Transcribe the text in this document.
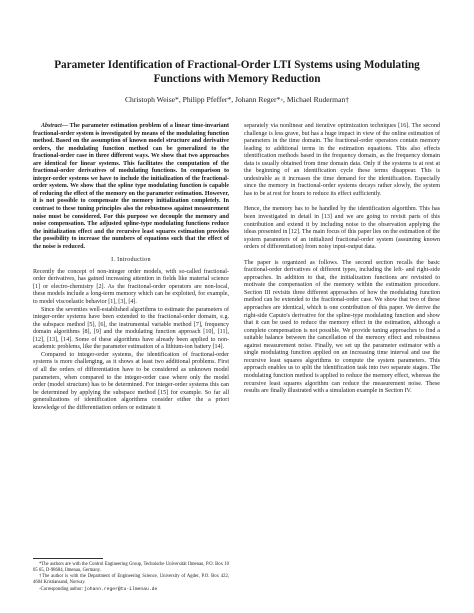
Parameter Identification of Fractional-Order LTI Systems using Modulating Functions with Memory Reduction
Christoph Weise*, Philipp Pfeffer*, Johann Reger*◦, Michael Ruderman†

Abstract— The parameter estimation problem of a linear time-invariant fractional-order system is investigated by means of the modulating function method. Based on the assumption of known model structure and derivative orders, the modulating function method can be generalized to the fractional-order case in three different ways. We show that two approaches are identical for linear systems. This facilitates the computation of the fractional-order derivatives of modulating functions. In comparison to integer-order systems we have to include the initialization of the fractional-order system. We show that the spline type modulating function is capable of reducing the effect of the memory on the parameter estimation. However, it is not possible to compensate the memory initialization completely. In contrast to these tuning principles also the robustness against measurement noise must be considered. For this purpose we decouple the memory and noise compensation. The adjusted spline-type modulating functions reduce the initialization effect and the recursive least squares estimation provides the possibility to increase the numbers of equations such that the effect of the noise is reduced.

I. Introduction

Recently the concept of non-integer order models, with so-called fractional-order derivatives, has gained increasing attention in fields like material science [1] or electro-chemistry [2]. As the fractional-order operators are non-local, these models include a long-term memory which can be exploited, for example, to model viscoelastic behavior [1], [3], [4].

Since the seventies well-established algorithms to estimate the parameters of integer-order systems have been extended to the fractional-order domain, e.g. the subspace method [5], [6], the instrumental variable method [7], frequency domain algorithms [8], [9] and the modulating function approach [10], [11], [12], [13], [14]. Some of these algorithms have already been applied to non-academic problems, like the parameter estimation of a lithium-ion battery [14].

Compared to integer-order systems, the identification of fractional-order systems is more challenging, as it shows at least two additional problems. First of all the orders of differentiation have to be considered as unknown model parameters, when compared to the integer-order case where only the model order (model structure) has to be determined. For integer-order systems this can be determined by applying the subspace method [15] for example. So far all generalizations of identification algorithms consider either the a priori knowledge of the differentiation orders or estimate it

*The authors are with the Control Engineering Group, Technische Universität Ilmenau, P.O. Box 10 05 65, D-98684, Ilmenau, Germany.

†The author is with the Department of Engineering Science, University of Agder, P.O. Box 422, 4604 Kristiansand, Norway.

◦Corresponding author: johann.reger@tu-ilmenau.de

separately via nonlinear and iterative optimization techniques [16]. The second challenge is less grave, but has a huge impact in view of the online estimation of parameters in the time domain. The fractional-order operators contain memory leading to additional terms in the estimation equations. This also effects identification methods based in the frequency domain, as the frequency domain data is usually obtained from time domain data. Only if the systems is at rest at the beginning of an identification cycle these terms disappear. This is undesirable as it increases the time demand for the identification. Especially since the memory in fractional-order systems decays rather slowly, the system has to be at rest for hours to reduce its effect sufficiently.

Hence, the memory has to be handled by the identification algorithm. This has been investigated in detail in [13] and we are going to revisit parts of this contribution and extend it by including noise to the observation applying the ideas presented in [12]. The main focus of this paper lies on the estimation of the system parameters of an initialized fractional-order system (assuming known orders of differentiation) from noisy input-output data.

The paper is organized as follows. The second section recalls the basic fractional-order derivatives of different types, including the left- and right-side approaches. In addition to that, the initialization functions are revisited to motivate the compensation of the memory within the estimation procedure. Section III revisits three different approaches of how the modulating function method can be extended to the fractional-order case. We show that two of these approaches are identical, which is one contribution of this paper. We derive the right-side Caputo's derivative for the spline-type modulating function and show that it can be used to reduce the memory effect in the estimation, although a complete compensation is not possible. We provide tuning approaches to find a suitable balance between the cancellation of the memory effect and robustness against measurement noise. Finally, we set up the parameter estimator with a single modulating function applied on an increasing time interval and use the recursive least squares algorithms to compute the system parameters. This approach enables us to split the identification task into two separate stages. The modulating function method is applied to reduce the memory effect, whereas the recursive least squares algorithm can reduce the measurement noise. These results are finally illustrated with a simulation example in Section IV.
